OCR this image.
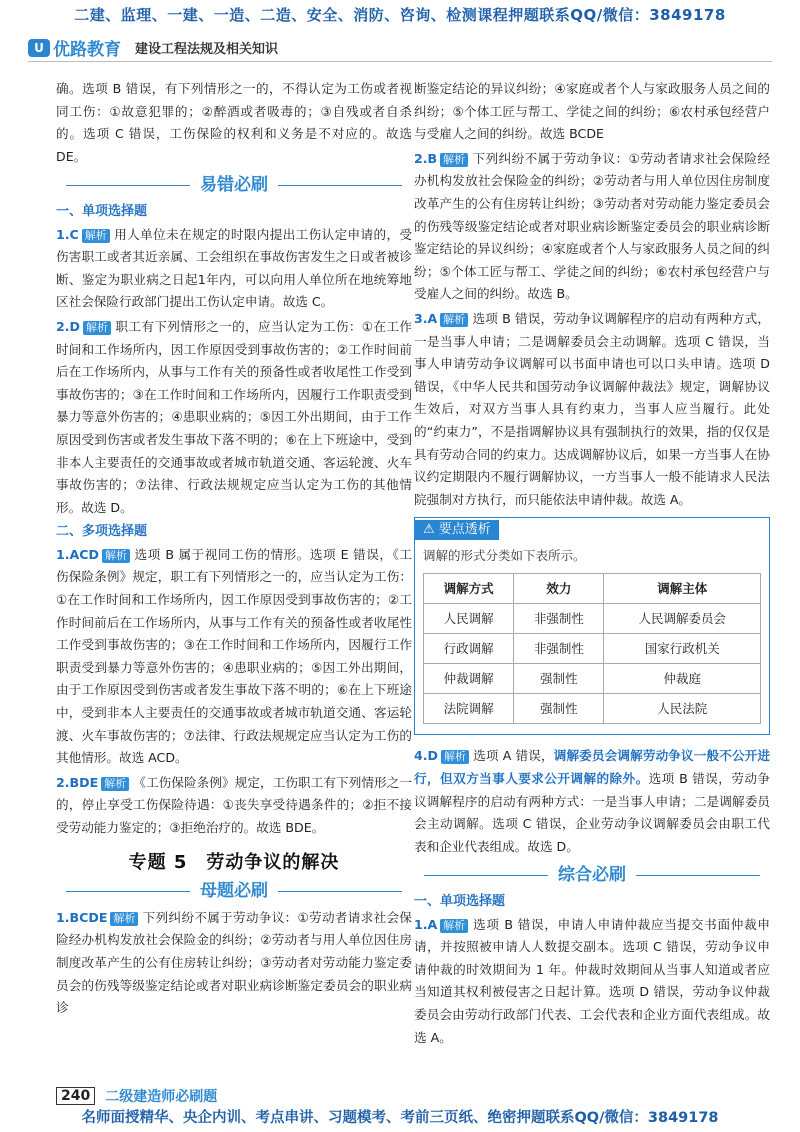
二建、监理、一建、一造、二造、安全、消防、咨询、检测课程押题联系QQ/微信：3849178
U 优路教育 建设工程法规及相关知识
确。选项 B 错误，有下列情形之一的，不得认定为工伤或者视同工伤：①故意犯罪的；②醉酒或者吸毒的；③自残或者自杀的。选项 C 错误，工伤保险的权利和义务是不对应的。故选 DE。
易错必刷
一、单项选择题
1.C 解析 用人单位未在规定的时限内提出工伤认定申请的，受伤害职工或者其近亲属、工会组织在事故伤害发生之日或者被诊断、鉴定为职业病之日起1年内，可以向用人单位所在地统筹地区社会保险行政部门提出工伤认定申请。故选 C。
2.D 解析 职工有下列情形之一的，应当认定为工伤：①在工作时间和工作场所内，因工作原因受到事故伤害的；②工作时间前后在工作场所内，从事与工作有关的预备性或者收尾性工作受到事故伤害的；③在工作时间和工作场所内，因履行工作职责受到暴力等意外伤害的；④患职业病的；⑤因工外出期间，由于工作原因受到伤害或者发生事故下落不明的；⑥在上下班途中，受到非本人主要责任的交通事故或者城市轨道交通、客运轮渡、火车事故伤害的；⑦法律、行政法规规定应当认定为工伤的其他情形。故选 D。
二、多项选择题
1.ACD 解析 选项 B 属于视同工伤的情形。选项 E 错误，《工伤保险条例》规定，职工有下列情形之一的，应当认定为工伤：①在工作时间和工作场所内，因工作原因受到事故伤害的；②工作时间前后在工作场所内，从事与工作有关的预备性或者收尾性工作受到事故伤害的；③在工作时间和工作场所内，因履行工作职责受到暴力等意外伤害的；④患职业病的；⑤因工外出期间，由于工作原因受到伤害或者发生事故下落不明的；⑥在上下班途中，受到非本人主要责任的交通事故或者城市轨道交通、客运轮渡、火车事故伤害的；⑦法律、行政法规规定应当认定为工伤的其他情形。故选 ACD。
2.BDE 解析 《工伤保险条例》规定，工伤职工有下列情形之一的，停止享受工伤保险待遇：①丧失享受待遇条件的；②拒不接受劳动能力鉴定的；③拒绝治疗的。故选 BDE。
专题 5　劳动争议的解决
母题必刷
1.BCDE 解析 下列纠纷不属于劳动争议：①劳动者请求社会保险经办机构发放社会保险金的纠纷；②劳动者与用人单位因住房制度改革产生的公有住房转让纠纷；③劳动者对劳动能力鉴定委员会的伤残等级鉴定结论或者对职业病诊断鉴定委员会的职业病诊
断鉴定结论的异议纠纷；④家庭或者个人与家政服务人员之间的纠纷；⑤个体工匠与帮工、学徒之间的纠纷；⑥农村承包经营户与受雇人之间的纠纷。故选 BCDE
2.B 解析 下列纠纷不属于劳动争议：①劳动者请求社会保险经办机构发放社会保险金的纠纷；②劳动者与用人单位因住房制度改革产生的公有住房转让纠纷；③劳动者对劳动能力鉴定委员会的伤残等级鉴定结论或者对职业病诊断鉴定委员会的职业病诊断鉴定结论的异议纠纷；④家庭或者个人与家政服务人员之间的纠纷；⑤个体工匠与帮工、学徒之间的纠纷；⑥农村承包经营户与受雇人之间的纠纷。故选 B。
3.A 解析 选项 B 错误，劳动争议调解程序的启动有两种方式，一是当事人申请；二是调解委员会主动调解。选项 C 错误，当事人申请劳动争议调解可以书面申请也可以口头申请。选项 D 错误，《中华人民共和国劳动争议调解仲裁法》规定，调解协议生效后，对双方当事人具有约束力，当事人应当履行。此处的“约束力”，不是指调解协议具有强制执行的效果，指的仅仅是具有劳动合同的约束力。达成调解协议后，如果一方当事人在协议约定期限内不履行调解协议，一方当事人一般不能请求人民法院强制对方执行，而只能依法申请仲裁。故选 A。
⚠ 要点透析
调解的形式分类如下表所示。
调解方式	效力	调解主体
人民调解	非强制性	人民调解委员会
行政调解	非强制性	国家行政机关
仲裁调解	强制性	仲裁庭
法院调解	强制性	人民法院
4.D 解析 选项 A 错误，调解委员会调解劳动争议一般不公开进行，但双方当事人要求公开调解的除外。选项 B 错误，劳动争议调解程序的启动有两种方式：一是当事人申请；二是调解委员会主动调解。选项 C 错误，企业劳动争议调解委员会由职工代表和企业代表组成。故选 D。
综合必刷
一、单项选择题
1.A 解析 选项 B 错误，申请人申请仲裁应当提交书面仲裁申请，并按照被申请人人数提交副本。选项 C 错误，劳动争议申请仲裁的时效期间为 1 年。仲裁时效期间从当事人知道或者应当知道其权利被侵害之日起计算。选项 D 错误，劳动争议仲裁委员会由劳动行政部门代表、工会代表和企业方面代表组成。故选 A。
240	二级建造师必刷题
名师面授精华、央企内训、考点串讲、习题模考、考前三页纸、绝密押题联系QQ/微信：3849178
